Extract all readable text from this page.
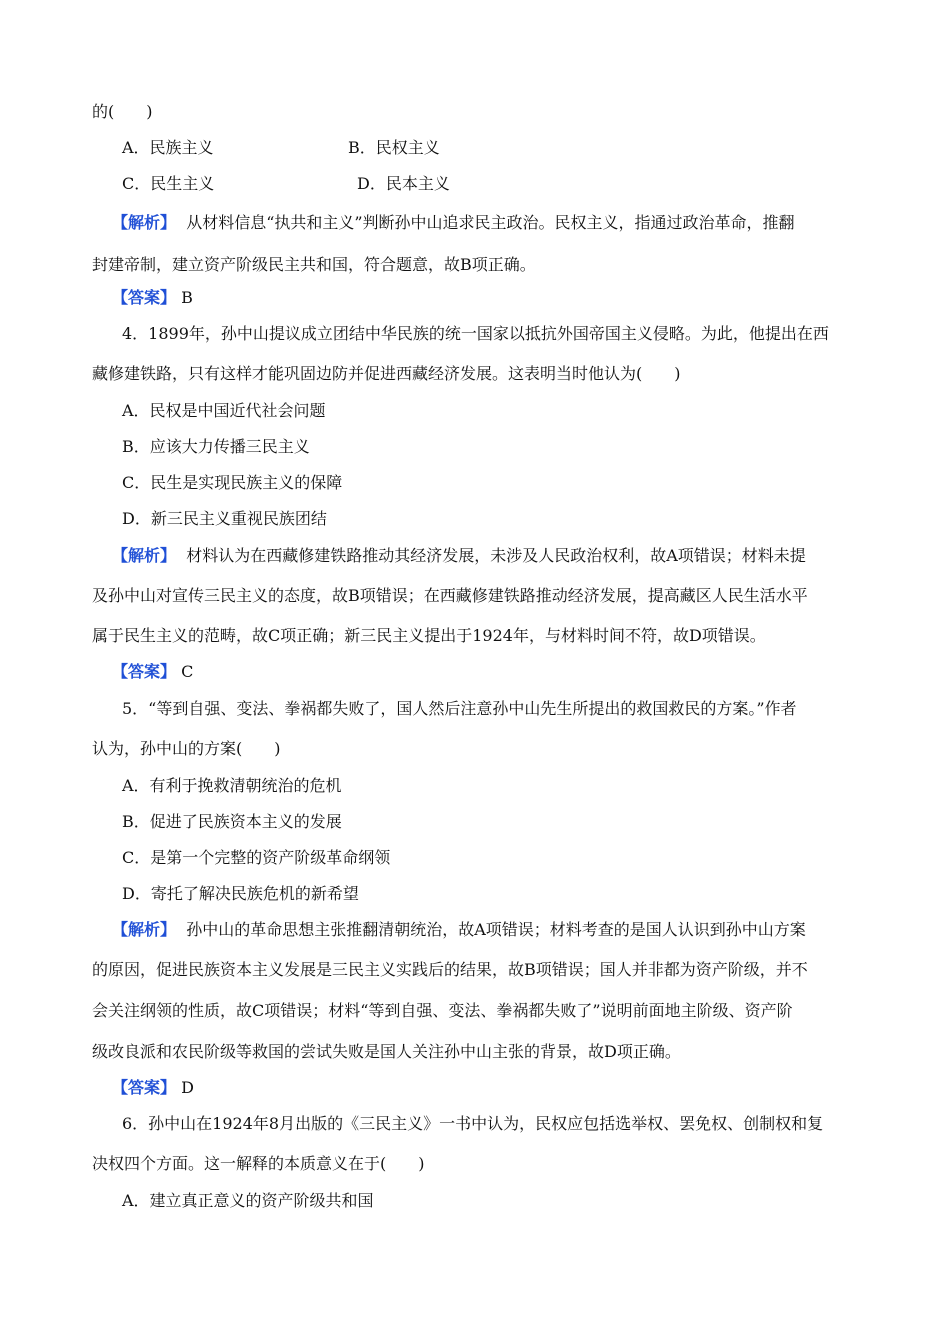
的(　　)
A．民族主义	B．民权主义
C．民生主义	D．民本主义
【解析】 从材料信息“执共和主义”判断孙中山追求民主政治。民权主义，指通过政治革命，推翻
封建帝制，建立资产阶级民主共和国，符合题意，故B项正确。
【答案】 B
4．1899年，孙中山提议成立团结中华民族的统一国家以抵抗外国帝国主义侵略。为此，他提出在西
藏修建铁路，只有这样才能巩固边防并促进西藏经济发展。这表明当时他认为(　　)
A．民权是中国近代社会问题
B．应该大力传播三民主义
C．民生是实现民族主义的保障
D．新三民主义重视民族团结
【解析】 材料认为在西藏修建铁路推动其经济发展，未涉及人民政治权利，故A项错误；材料未提
及孙中山对宣传三民主义的态度，故B项错误；在西藏修建铁路推动经济发展，提高藏区人民生活水平
属于民生主义的范畴，故C项正确；新三民主义提出于1924年，与材料时间不符，故D项错误。
【答案】 C
5．“等到自强、变法、拳祸都失败了，国人然后注意孙中山先生所提出的救国救民的方案。”作者
认为，孙中山的方案(　　)
A．有利于挽救清朝统治的危机
B．促进了民族资本主义的发展
C．是第一个完整的资产阶级革命纲领
D．寄托了解决民族危机的新希望
【解析】 孙中山的革命思想主张推翻清朝统治，故A项错误；材料考查的是国人认识到孙中山方案
的原因，促进民族资本主义发展是三民主义实践后的结果，故B项错误；国人并非都为资产阶级，并不
会关注纲领的性质，故C项错误；材料“等到自强、变法、拳祸都失败了”说明前面地主阶级、资产阶
级改良派和农民阶级等救国的尝试失败是国人关注孙中山主张的背景，故D项正确。
【答案】 D
6．孙中山在1924年8月出版的《三民主义》一书中认为，民权应包括选举权、罢免权、创制权和复
决权四个方面。这一解释的本质意义在于(　　)
A．建立真正意义的资产阶级共和国
